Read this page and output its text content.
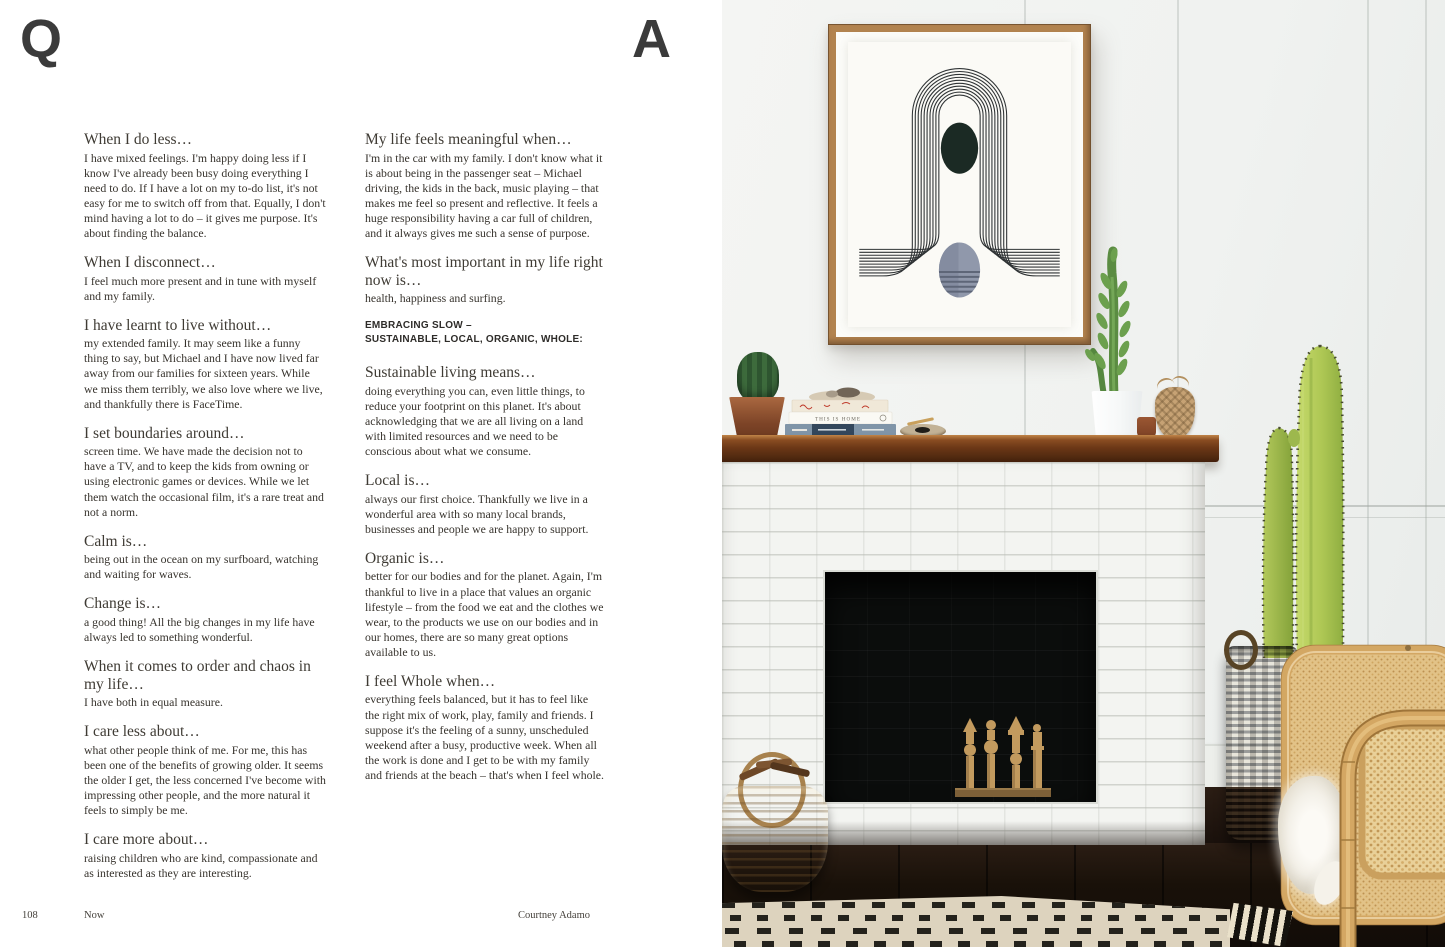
Q	A
When I do less…

I have mixed feelings. I'm happy doing less if I know I've already been busy doing everything I need to do. If I have a lot on my to-do list, it's not easy for me to switch off from that. Equally, I don't mind having a lot to do – it gives me purpose. It's about finding the balance.

When I disconnect…

I feel much more present and in tune with myself and my family.

I have learnt to live without…

my extended family. It may seem like a funny thing to say, but Michael and I have now lived far away from our families for sixteen years. While we miss them terribly, we also love where we live, and thankfully there is FaceTime.

I set boundaries around…

screen time. We have made the decision not to have a TV, and to keep the kids from owning or using electronic games or devices. While we let them watch the occasional film, it's a rare treat and not a norm.

Calm is…

being out in the ocean on my surfboard, watching and waiting for waves.

Change is…

a good thing! All the big changes in my life have always led to something wonderful.

When it comes to order and chaos in my life…

I have both in equal measure.

I care less about…

what other people think of me. For me, this has been one of the benefits of growing older. It seems the older I get, the less concerned I've become with impressing other people, and the more natural it feels to simply be me.

I care more about…

raising children who are kind, compassionate and as interested as they are interesting.

My life feels meaningful when…

I'm in the car with my family. I don't know what it is about being in the passenger seat – Michael driving, the kids in the back, music playing – that makes me feel so present and reflective. It feels a huge responsibility having a car full of children, and it always gives me such a sense of purpose.

What's most important in my life right now is…

health, happiness and surfing.

EMBRACING SLOW –
SUSTAINABLE, LOCAL, ORGANIC, WHOLE:

Sustainable living means…

doing everything you can, even little things, to reduce your footprint on this planet. It's about acknowledging that we are all living on a land with limited resources and we need to be conscious about what we consume.

Local is…

always our first choice. Thankfully we live in a wonderful area with so many local brands, businesses and people we are happy to support.

Organic is…

better for our bodies and for the planet. Again, I'm thankful to live in a place that values an organic lifestyle – from the food we eat and the clothes we wear, to the products we use on our bodies and in our homes, there are so many great options available to us.

I feel Whole when…

everything feels balanced, but it has to feel like the right mix of work, play, family and friends. I suppose it's the feeling of a sunny, unscheduled weekend after a busy, productive week. When all the work is done and I get to be with my family and friends at the beach – that's when I feel whole.

108	Now	Courtney Adamo
THIS IS HOME
